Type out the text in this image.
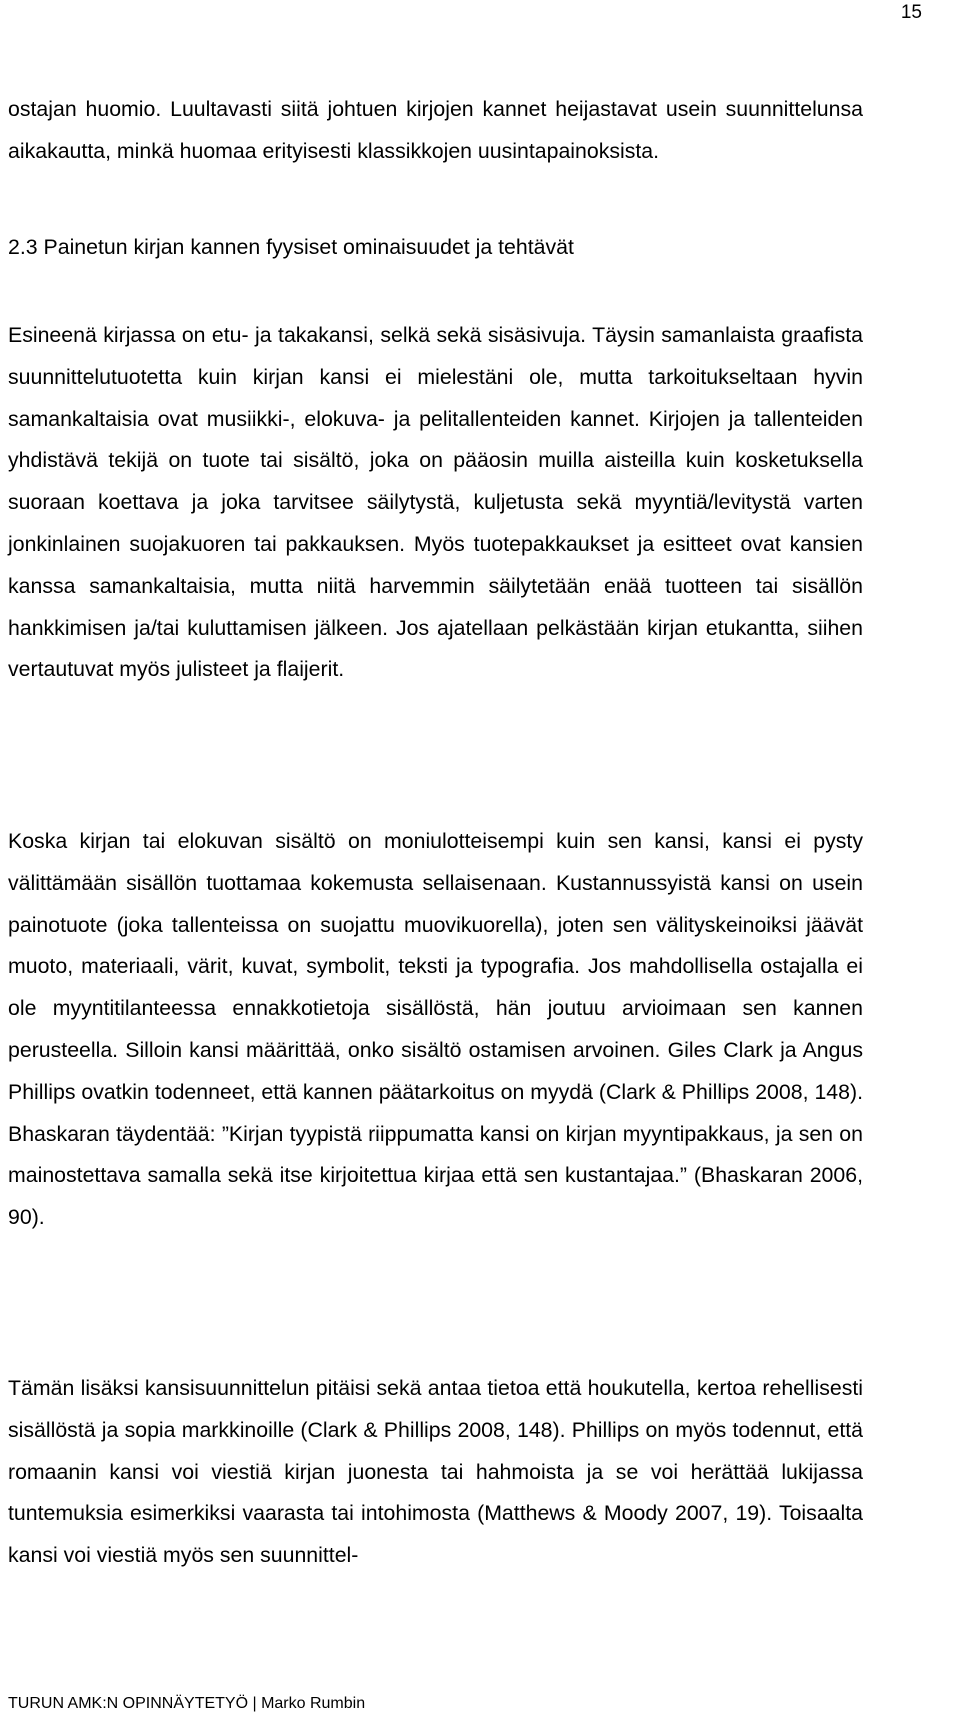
15

ostajan huomio. Luultavasti siitä johtuen kirjojen kannet heijastavat usein suunnittelunsa aikakautta, minkä huomaa erityisesti klassikkojen uusintapainoksista.

2.3 Painetun kirjan kannen fyysiset ominaisuudet ja tehtävät

Esineenä kirjassa on etu- ja takakansi, selkä sekä sisäsivuja. Täysin samanlaista graafista suunnittelutuotetta kuin kirjan kansi ei mielestäni ole, mutta tarkoitukseltaan hyvin samankaltaisia ovat musiikki-, elokuva- ja pelitallenteiden kannet. Kirjojen ja tallenteiden yhdistävä tekijä on tuote tai sisältö, joka on pääosin muilla aisteilla kuin kosketuksella suoraan koettava ja joka tarvitsee säilytystä, kuljetusta sekä myyntiä/levitystä varten jonkinlainen suojakuoren tai pakkauksen. Myös tuotepakkaukset ja esitteet ovat kansien kanssa samankaltaisia, mutta niitä harvemmin säilytetään enää tuotteen tai sisällön hankkimisen ja/tai kuluttamisen jälkeen. Jos ajatellaan pelkästään kirjan etukantta, siihen vertautuvat myös julisteet ja flaijerit.

Koska kirjan tai elokuvan sisältö on moniulotteisempi kuin sen kansi, kansi ei pysty välittämään sisällön tuottamaa kokemusta sellaisenaan. Kustannussyistä kansi on usein painotuote (joka tallenteissa on suojattu muovikuorella), joten sen välityskeinoiksi jäävät muoto, materiaali, värit, kuvat, symbolit, teksti ja typografia. Jos mahdollisella ostajalla ei ole myyntitilanteessa ennakkotietoja sisällöstä, hän joutuu arvioimaan sen kannen perusteella. Silloin kansi määrittää, onko sisältö ostamisen arvoinen. Giles Clark ja Angus Phillips ovatkin todenneet, että kannen päätarkoitus on myydä (Clark & Phillips 2008, 148). Bhaskaran täydentää: ”Kirjan tyypistä riippumatta kansi on kirjan myyntipakkaus, ja sen on mainostettava samalla sekä itse kirjoitettua kirjaa että sen kustantajaa.” (Bhaskaran 2006, 90).

Tämän lisäksi kansisuunnittelun pitäisi sekä antaa tietoa että houkutella, kertoa rehellisesti sisällöstä ja sopia markkinoille (Clark & Phillips 2008, 148). Phillips on myös todennut, että romaanin kansi voi viestiä kirjan juonesta tai hahmoista ja se voi herättää lukijassa tuntemuksia esimerkiksi vaarasta tai intohimosta (Matthews & Moody 2007, 19). Toisaalta kansi voi viestiä myös sen suunnittel-

TURUN AMK:N OPINNÄYTETYÖ | Marko Rumbin
